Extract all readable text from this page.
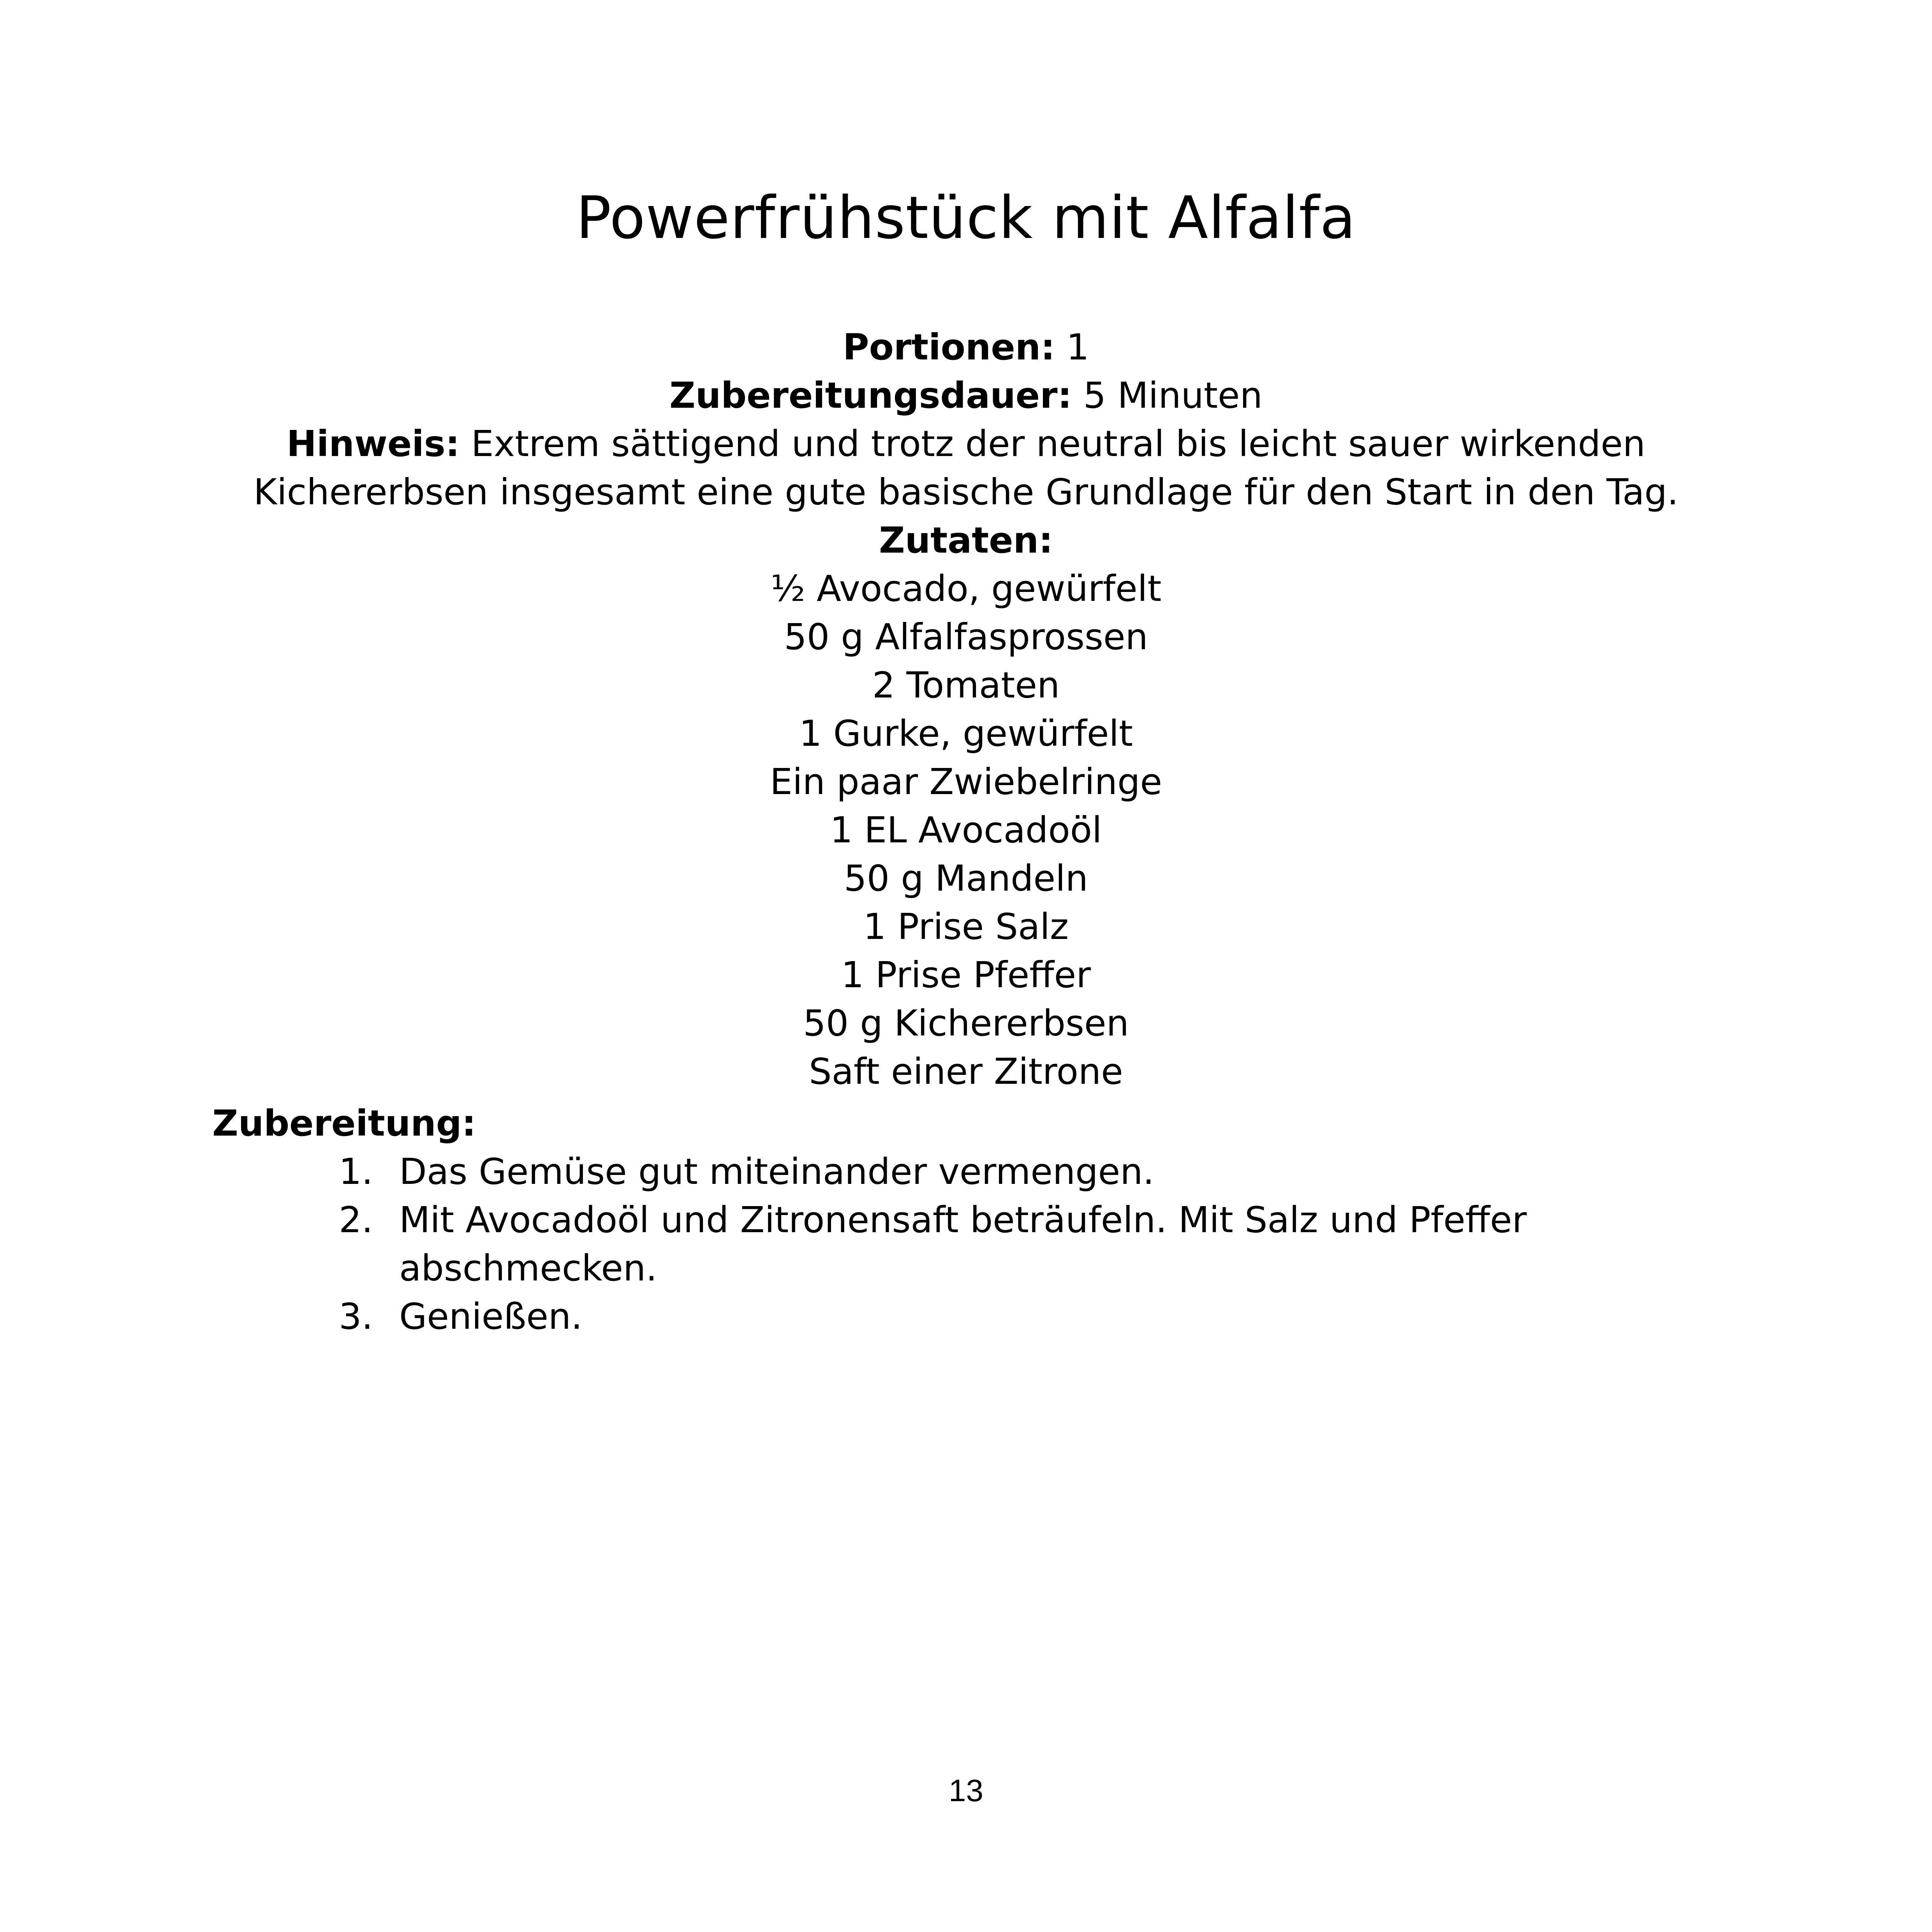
Powerfrühstück mit Alfalfa
Portionen: 1
Zubereitungsdauer: 5 Minuten
Hinweis: Extrem sättigend und trotz der neutral bis leicht sauer wirkenden
Kichererbsen insgesamt eine gute basische Grundlage für den Start in den Tag.
Zutaten:
½ Avocado, gewürfelt
50 g Alfalfasprossen
2 Tomaten
1 Gurke, gewürfelt
Ein paar Zwiebelringe
1 EL Avocadoöl
50 g Mandeln
1 Prise Salz
1 Prise Pfeffer
50 g Kichererbsen
Saft einer Zitrone
Zubereitung:
1. Das Gemüse gut miteinander vermengen.
2. Mit Avocadoöl und Zitronensaft beträufeln. Mit Salz und Pfeffer
abschmecken.
3. Genießen.
13
